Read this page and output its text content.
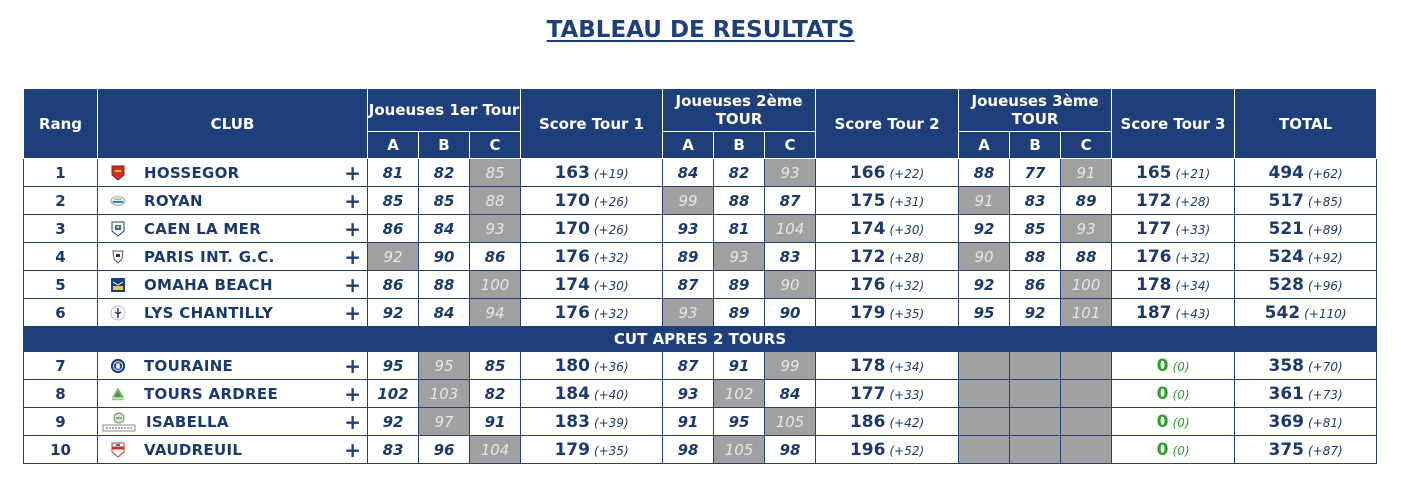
TABLEAU DE RESULTATS
Rang	CLUB	Joueuses 1er Tour			Score Tour 1	Joueuses 2ème TOUR			Score Tour 2	Joueuses 3ème TOUR			Score Tour 3	TOTAL
		A	B	C		A	B	C		A	B	C		
1	HOSSEGOR +	81	82	85	163 (+19)	84	82	93	166 (+22)	88	77	91	165 (+21)	494 (+62)
2	ROYAN +	85	85	88	170 (+26)	99	88	87	175 (+31)	91	83	89	172 (+28)	517 (+85)
3	CAEN LA MER +	86	84	93	170 (+26)	93	81	104	174 (+30)	92	85	93	177 (+33)	521 (+89)
4	PARIS INT. G.C. +	92	90	86	176 (+32)	89	93	83	172 (+28)	90	88	88	176 (+32)	524 (+92)
5	OMAHA BEACH +	86	88	100	174 (+30)	87	89	90	176 (+32)	92	86	100	178 (+34)	528 (+96)
6	LYS CHANTILLY +	92	84	94	176 (+32)	93	89	90	179 (+35)	95	92	101	187 (+43)	542 (+110)
CUT APRES 2 TOURS														
7	TOURAINE +	95	95	85	180 (+36)	87	91	99	178 (+34)				0 (0)	358 (+70)
8	TOURS ARDREE +	102	103	82	184 (+40)	93	102	84	177 (+33)				0 (0)	361 (+73)
9	ISABELLA +	92	97	91	183 (+39)	91	95	105	186 (+42)				0 (0)	369 (+81)
10	VAUDREUIL +	83	96	104	179 (+35)	98	105	98	196 (+52)				0 (0)	375 (+87)
